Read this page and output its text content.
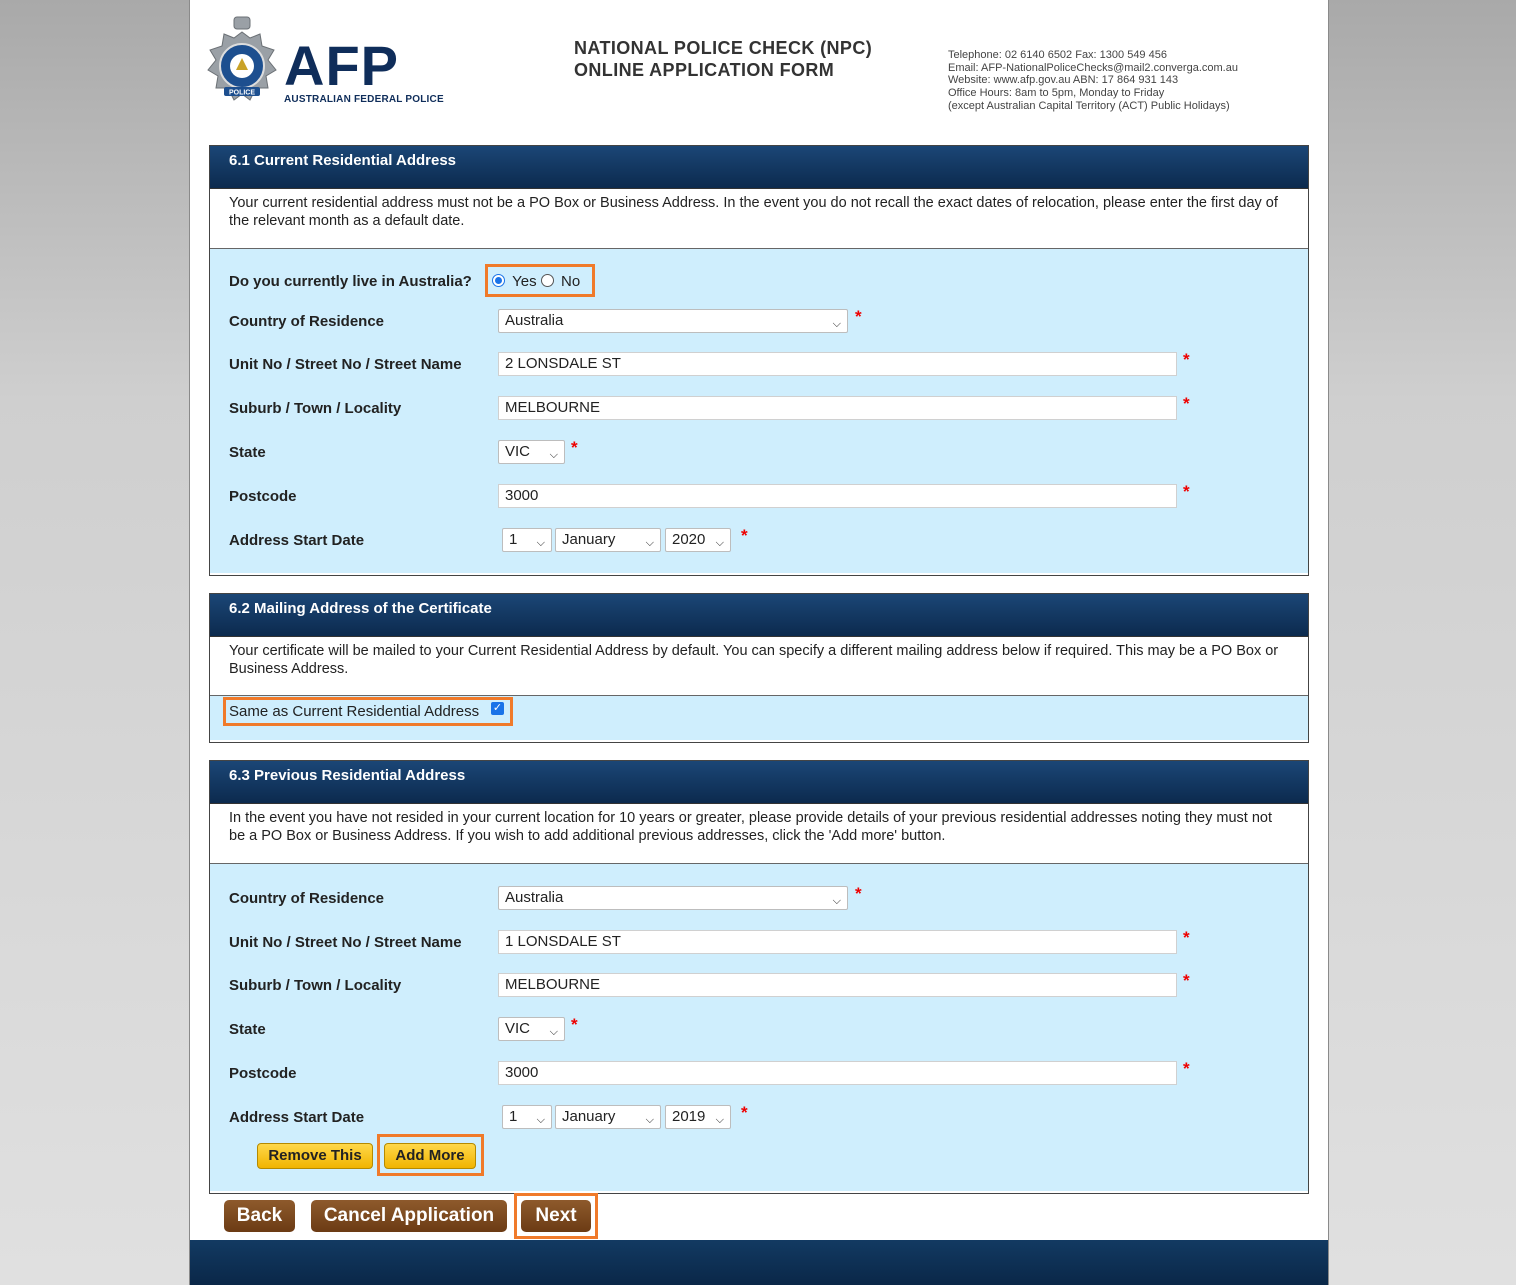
POLICE AFP
AUSTRALIAN FEDERAL POLICE
NATIONAL POLICE CHECK (NPC)
ONLINE APPLICATION FORM
Telephone: 02 6140 6502 Fax: 1300 549 456
Email: AFP-NationalPoliceChecks@mail2.converga.com.au
Website: www.afp.gov.au ABN: 17 864 931 143
Office Hours: 8am to 5pm, Monday to Friday
(except Australian Capital Territory (ACT) Public Holidays)
6.1 Current Residential Address
Your current residential address must not be a PO Box or Business Address. In the event you do not recall the exact dates of relocation, please enter the first day of the relevant month as a default date.
Do you currently live in Australia?	Yes No
Country of Residence	Australia	⌵ *
Unit No / Street No / Street Name	2 LONSDALE ST	*
Suburb / Town / Locality	MELBOURNE	*
State	VIC ⌵ *
Postcode	3000	*
Address Start Date	1 ⌵	January	⌵	2020 ⌵ *
6.2 Mailing Address of the Certificate
Your certificate will be mailed to your Current Residential Address by default. You can specify a different mailing address below if required. This may be a PO Box or Business Address.
Same as Current Residential Address ✓
6.3 Previous Residential Address
In the event you have not resided in your current location for 10 years or greater, please provide details of your previous residential addresses noting they must not be a PO Box or Business Address. If you wish to add additional previous addresses, click the 'Add more' button.
Country of Residence	Australia	⌵ *
Unit No / Street No / Street Name	1 LONSDALE ST	*
Suburb / Town / Locality	MELBOURNE	*
State	VIC ⌵ *
Postcode	3000	*
Address Start Date	1 ⌵	January	⌵	2019 ⌵ *
Remove This	Add More
Back	Cancel Application	Next
